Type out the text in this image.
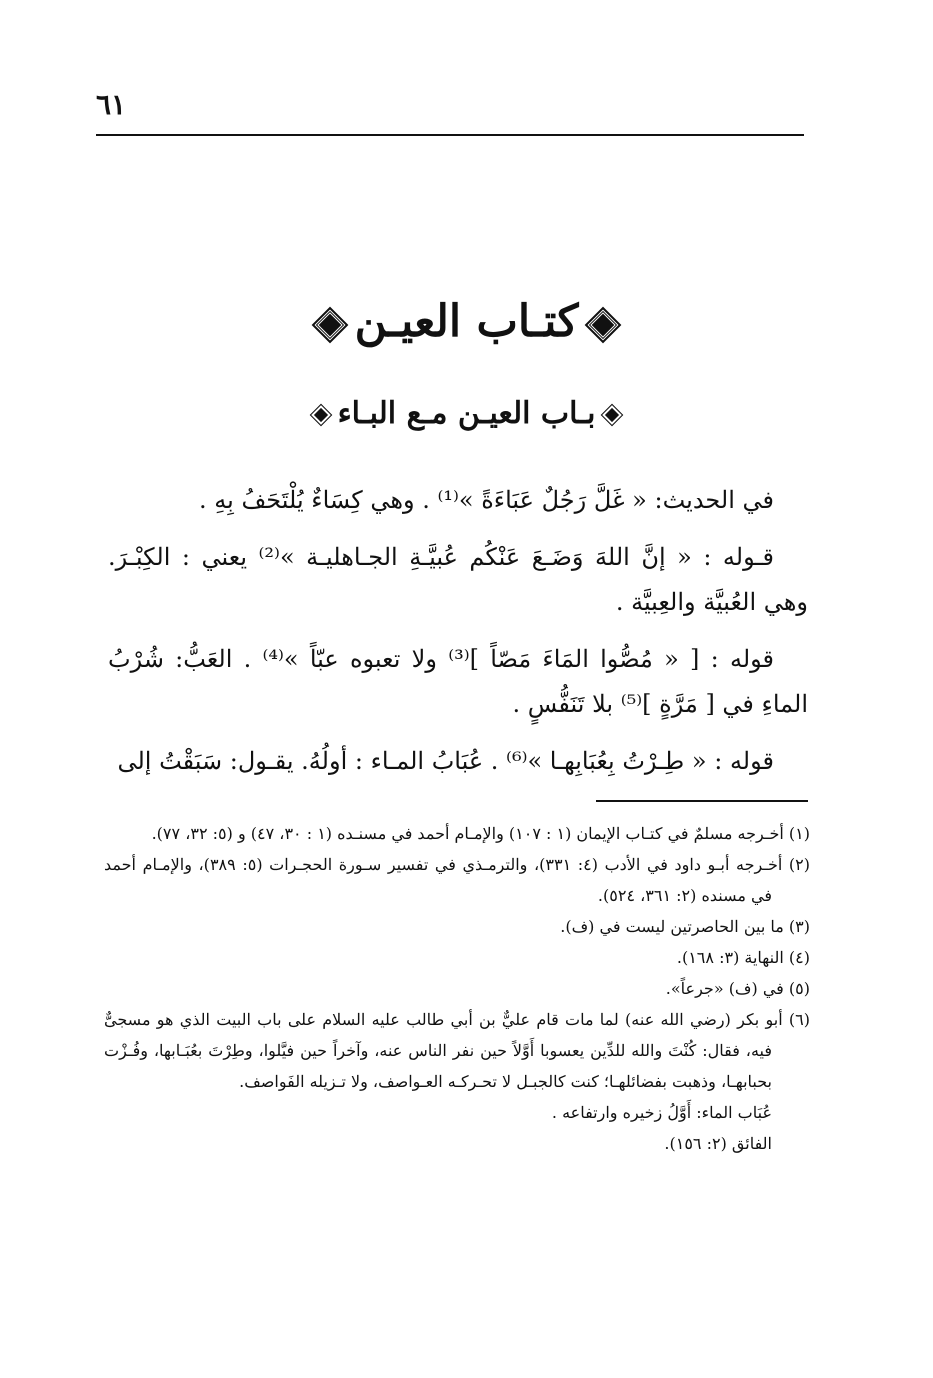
٦١
كتـاب العيـن
بـاب العيـن مـع البـاء

في الحديث: « غَلَّ رَجُلٌ عَبَاءَةً »⁽¹⁾ . وهي كِسَاءٌ يُلْتَحَفُ بِهِ .

قـوله : « إنَّ اللهَ وَضَـعَ عَنْكُم عُبيَّـةِ الجـاهليـة »⁽²⁾ يعني : الكِبْـرَ. وهي العُبيَّة والعِبيَّة .

قوله : [ « مُصُّوا المَاءَ مَصّاً ]⁽³⁾ ولا تعبوه عبّاً »⁽⁴⁾ . العَبُّ: شُرْبُ الماءِ في [ مَرَّةٍ ]⁽⁵⁾ بلا تَنَفُّسٍ .

قوله : « طِـرْتُ بِعُبَابِهـا »⁽⁶⁾ . عُبَابُ المـاء : أولُهُ. يقـول: سَبَقْتُ إلى

(١) أخـرجه مسلمٌ في كتـاب الإيمان (١ : ١٠٧) والإمـام أحمد في مسنـده (١ : ٣٠، ٤٧) و (٥: ٣٢، ٧٧).

(٢) أخـرجه أبـو داود في الأدب (٤: ٣٣١)، والترمـذي في تفسير سـورة الحجـرات (٥: ٣٨٩)، والإمـام أحمد في مسنده (٢: ٣٦١، ٥٢٤).

(٣) ما بين الحاصرتين ليست في (ف).

(٤) النهاية (٣: ١٦٨).

(٥) في (ف) «جرعاً».

(٦) أبو بكر (رضي الله عنه) لما مات قام عليٌّ بن أبي طالب عليه السلام على باب البيت الذي هو مسجىٌّ فيه، فقال: كُنْتَ والله للدِّين يعسوبا أَوَّلاً حين نفر الناس عنه، وآخراً حين فيَّلوا، وطِرْتَ بعُبَـابها، وفُـزْت بحبابهـا، وذهبت بفضائلهـا؛ كنت كالجبـل لا تحـركـه العـواصف، ولا تـزيله الفَواصف.

عُبَاب الماء: أَوَّلُ زخيره وارتفاعه .

الفائق (٢: ١٥٦).
